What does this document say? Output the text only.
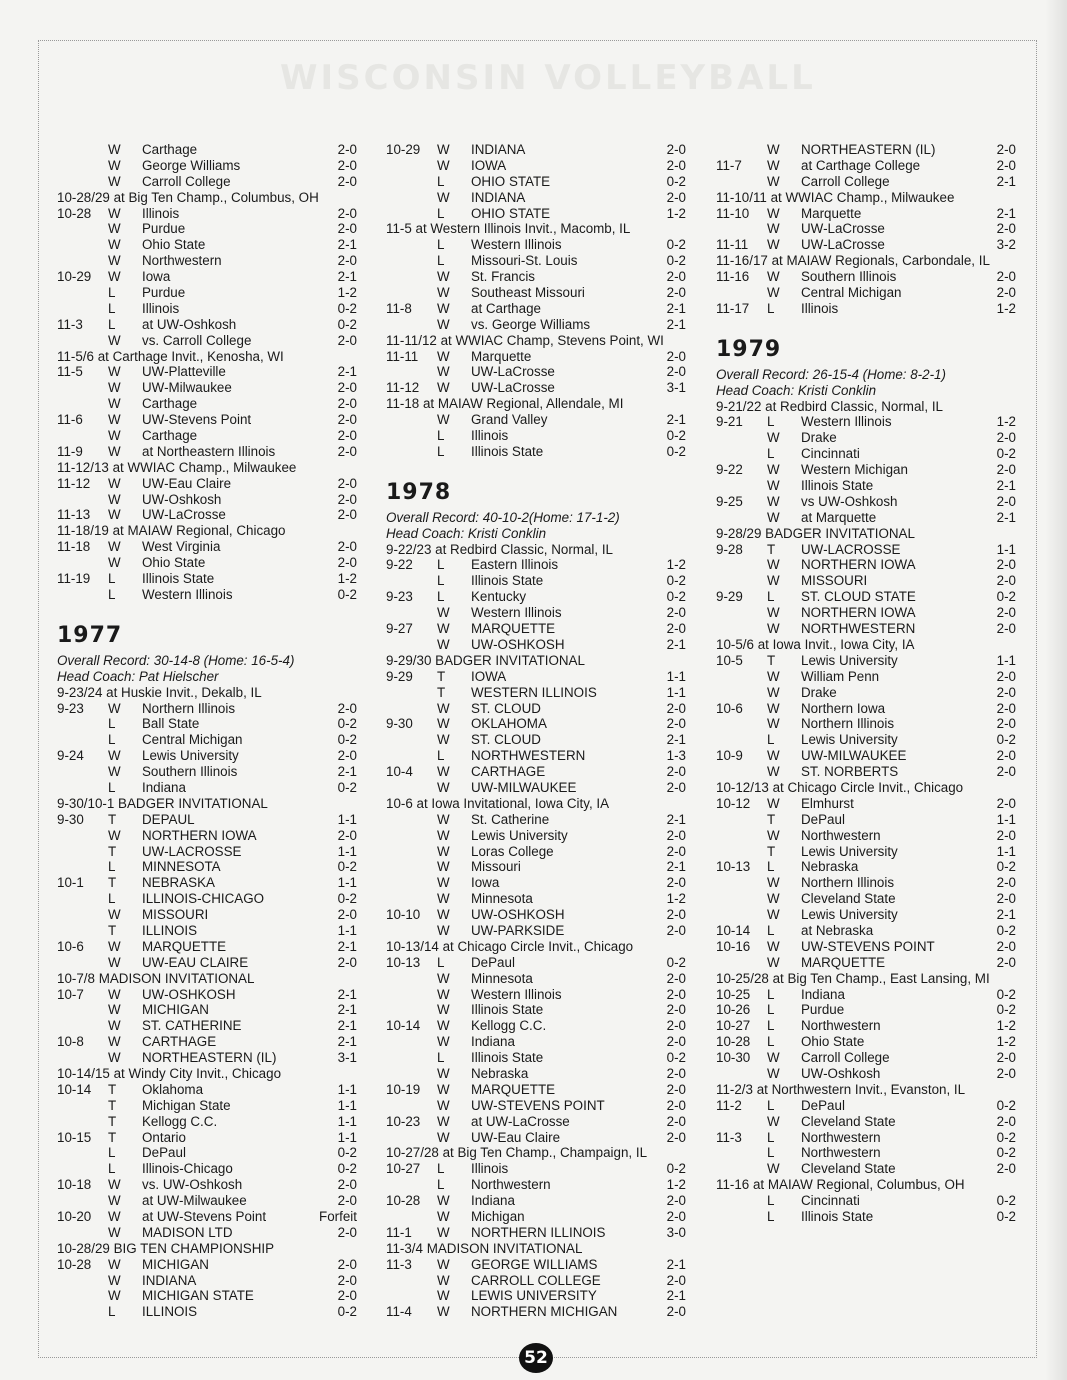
WISCONSIN VOLLEYBALL
W Carthage	2-0
W George Williams	2-0
W Carroll College	2-0
10-28/29 at Big Ten Champ., Columbus, OH
10-28 W Illinois	2-0
W Purdue	2-0
W Ohio State	2-1
W Northwestern	2-0
10-29 W Iowa	2-1
L Purdue	1-2
L Illinois	0-2
11-3 L at UW-Oshkosh	0-2
W vs. Carroll College	2-0
11-5/6 at Carthage Invit., Kenosha, WI
11-5 W UW-Platteville	2-1
W UW-Milwaukee	2-0
W Carthage	2-0
11-6 W UW-Stevens Point	2-0
W Carthage	2-0
11-9 W at Northeastern Illinois	2-0
11-12/13 at WWIAC Champ., Milwaukee
11-12 W UW-Eau Claire	2-0
W UW-Oshkosh	2-0
11-13 W UW-LaCrosse	2-0
11-18/19 at MAIAW Regional, Chicago
11-18 W West Virginia	2-0
W Ohio State	2-0
11-19 L Illinois State	1-2
L Western Illinois	0-2
1977
Overall Record: 30-14-8 (Home: 16-5-4)
Head Coach: Pat Hielscher
9-23/24 at Huskie Invit., Dekalb, IL
9-23 W Northern Illinois	2-0
L Ball State	0-2
L Central Michigan	0-2
9-24 W Lewis University	2-0
W Southern Illinois	2-1
L Indiana	0-2
9-30/10-1 BADGER INVITATIONAL
9-30 T DEPAUL	1-1
W NORTHERN IOWA	2-0
T UW-LACROSSE	1-1
L MINNESOTA	0-2
10-1 T NEBRASKA	1-1
L ILLINOIS-CHICAGO	0-2
W MISSOURI	2-0
T ILLINOIS	1-1
10-6 W MARQUETTE	2-1
W UW-EAU CLAIRE	2-0
10-7/8 MADISON INVITATIONAL
10-7 W UW-OSHKOSH	2-1
W MICHIGAN	2-1
W ST. CATHERINE	2-1
10-8 W CARTHAGE	2-1
W NORTHEASTERN (IL)	3-1
10-14/15 at Windy City Invit., Chicago
10-14 T Oklahoma	1-1
T Michigan State	1-1
T Kellogg C.C.	1-1
10-15 T Ontario	1-1
L DePaul	0-2
L Illinois-Chicago	0-2
10-18 W vs. UW-Oshkosh	2-0
W at UW-Milwaukee	2-0
10-20 W at UW-Stevens Point	Forfeit
W MADISON LTD	2-0
10-28/29 BIG TEN CHAMPIONSHIP
10-28 W MICHIGAN	2-0
W INDIANA	2-0
W MICHIGAN STATE	2-0
L ILLINOIS	0-2
10-29 W INDIANA	2-0
W IOWA	2-0
L OHIO STATE	0-2
W INDIANA	2-0
L OHIO STATE	1-2
11-5 at Western Illinois Invit., Macomb, IL
L Western Illinois	0-2
L Missouri-St. Louis	0-2
W St. Francis	2-0
W Southeast Missouri	2-0
11-8 W at Carthage	2-1
W vs. George Williams	2-1
11-11/12 at WWIAC Champ, Stevens Point, WI
11-11 W Marquette	2-0
W UW-LaCrosse	2-0
11-12 W UW-LaCrosse	3-1
11-18 at MAIAW Regional, Allendale, MI
W Grand Valley	2-1
L Illinois	0-2
L Illinois State	0-2
1978
Overall Record: 40-10-2(Home: 17-1-2)
Head Coach: Kristi Conklin
9-22/23 at Redbird Classic, Normal, IL
9-22 L Eastern Illinois	1-2
L Illinois State	0-2
9-23 L Kentucky	0-2
W Western Illinois	2-0
9-27 W MARQUETTE	2-0
W UW-OSHKOSH	2-1
9-29/30 BADGER INVITATIONAL
9-29 T IOWA	1-1
T WESTERN ILLINOIS	1-1
W ST. CLOUD	2-0
9-30 W OKLAHOMA	2-0
W ST. CLOUD	2-1
L NORTHWESTERN	1-3
10-4 W CARTHAGE	2-0
W UW-MILWAUKEE	2-0
10-6 at Iowa Invitational, Iowa City, IA
W St. Catherine	2-1
W Lewis University	2-0
W Loras College	2-0
W Missouri	2-1
W Iowa	2-0
W Minnesota	1-2
10-10 W UW-OSHKOSH	2-0
W UW-PARKSIDE	2-0
10-13/14 at Chicago Circle Invit., Chicago
10-13 L DePaul	0-2
W Minnesota	2-0
W Western Illinois	2-0
W Illinois State	2-0
10-14 W Kellogg C.C.	2-0
W Indiana	2-0
L Illinois State	0-2
W Nebraska	2-0
10-19 W MARQUETTE	2-0
W UW-STEVENS POINT	2-0
10-23 W at UW-LaCrosse	2-0
W UW-Eau Claire	2-0
10-27/28 at Big Ten Champ., Champaign, IL
10-27 L Illinois	0-2
L Northwestern	1-2
10-28 W Indiana	2-0
W Michigan	2-0
11-1 W NORTHERN ILLINOIS	3-0
11-3/4 MADISON INVITATIONAL
11-3 W GEORGE WILLIAMS	2-1
W CARROLL COLLEGE	2-0
W LEWIS UNIVERSITY	2-1
11-4 W NORTHERN MICHIGAN	2-0
W NORTHEASTERN (IL)	2-0
11-7 W at Carthage College	2-0
W Carroll College	2-1
11-10/11 at WWIAC Champ., Milwaukee
11-10 W Marquette	2-1
W UW-LaCrosse	2-0
11-11 W UW-LaCrosse	3-2
11-16/17 at MAIAW Regionals, Carbondale, IL
11-16 W Southern Illinois	2-0
W Central Michigan	2-0
11-17 L Illinois	1-2
1979
Overall Record: 26-15-4 (Home: 8-2-1)
Head Coach: Kristi Conklin
9-21/22 at Redbird Classic, Normal, IL
9-21 L Western Illinois	1-2
W Drake	2-0
L Cincinnati	0-2
9-22 W Western Michigan	2-0
W Illinois State	2-1
9-25 W vs UW-Oshkosh	2-0
W at Marquette	2-1
9-28/29 BADGER INVITATIONAL
9-28 T UW-LACROSSE	1-1
W NORTHERN IOWA	2-0
W MISSOURI	2-0
9-29 L ST. CLOUD STATE	0-2
W NORTHERN IOWA	2-0
W NORTHWESTERN	2-0
10-5/6 at Iowa Invit., Iowa City, IA
10-5 T Lewis University	1-1
W William Penn	2-0
W Drake	2-0
10-6 W Northern Iowa	2-0
W Northern Illinois	2-0
L Lewis University	0-2
10-9 W UW-MILWAUKEE	2-0
W ST. NORBERTS	2-0
10-12/13 at Chicago Circle Invit., Chicago
10-12 W Elmhurst	2-0
T DePaul	1-1
W Northwestern	2-0
T Lewis University	1-1
10-13 L Nebraska	0-2
W Northern Illinois	2-0
W Cleveland State	2-0
W Lewis University	2-1
10-14 L at Nebraska	0-2
10-16 W UW-STEVENS POINT	2-0
W MARQUETTE	2-0
10-25/28 at Big Ten Champ., East Lansing, MI
10-25 L Indiana	0-2
10-26 L Purdue	0-2
10-27 L Northwestern	1-2
10-28 L Ohio State	1-2
10-30 W Carroll College	2-0
W UW-Oshkosh	2-0
11-2/3 at Northwestern Invit., Evanston, IL
11-2 L DePaul	0-2
W Cleveland State	2-0
11-3 L Northwestern	0-2
L Northwestern	0-2
W Cleveland State	2-0
11-16 at MAIAW Regional, Columbus, OH
L Cincinnati	0-2
L Illinois State	0-2
52
